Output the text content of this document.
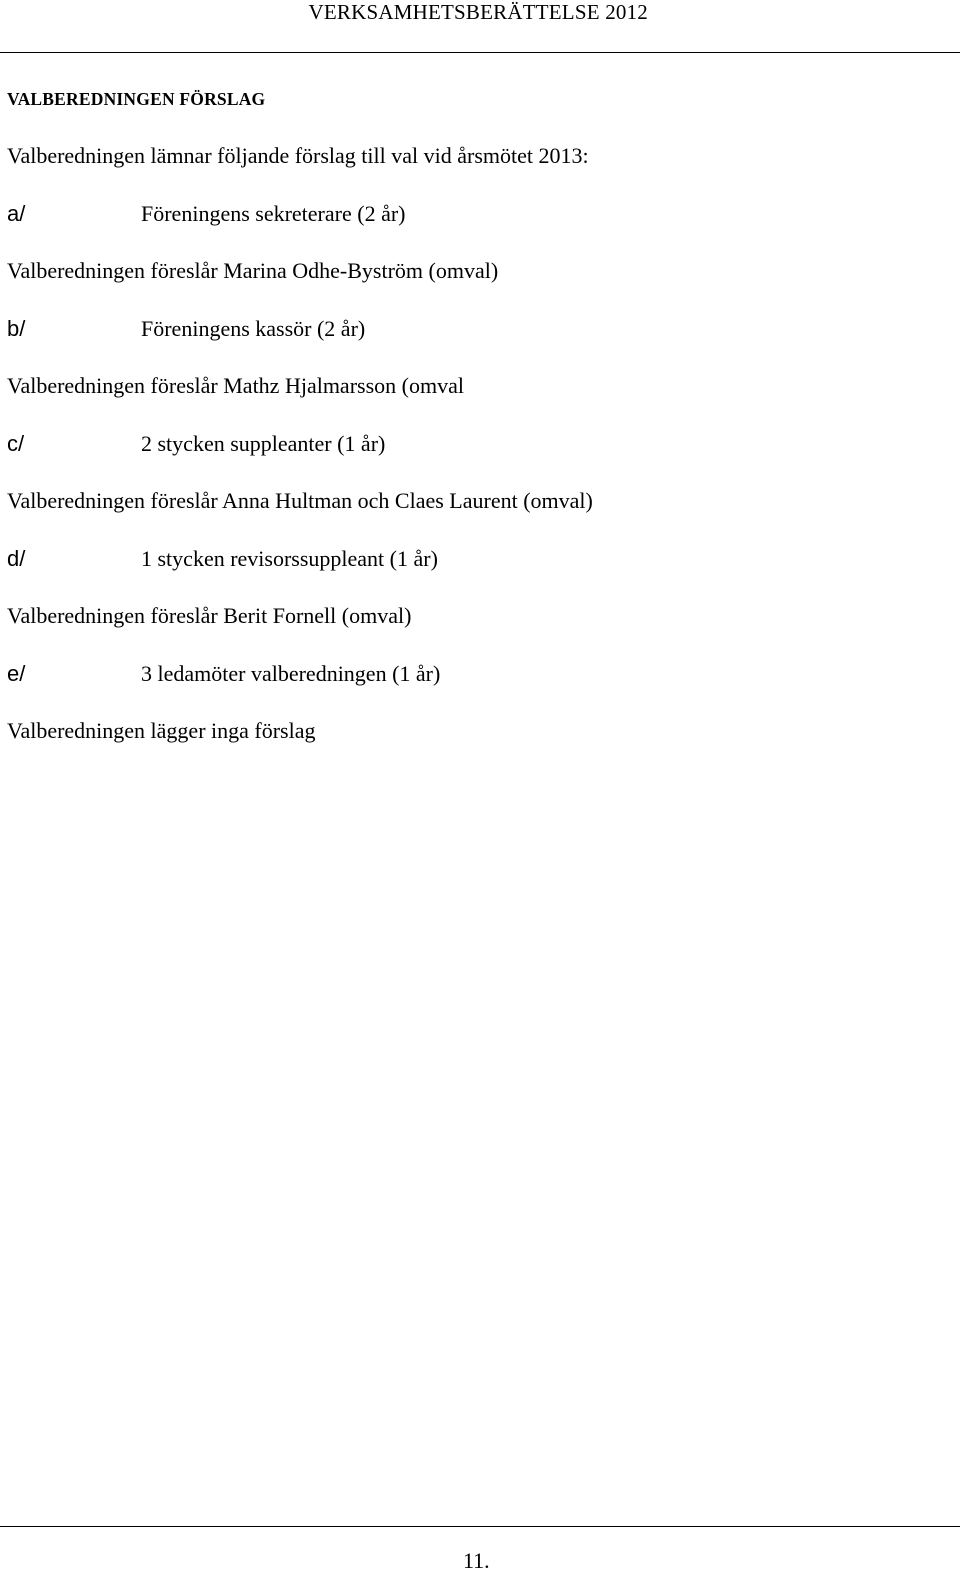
VERKSAMHETSBERÄTTELSE 2012
VALBEREDNINGEN FÖRSLAG
Valberedningen lämnar följande förslag till val vid årsmötet 2013:
a/	Föreningens sekreterare (2 år)
Valberedningen föreslår Marina Odhe-Byström (omval)
b/	Föreningens kassör (2 år)
Valberedningen föreslår Mathz Hjalmarsson (omval
c/	2 stycken suppleanter (1 år)
Valberedningen föreslår Anna Hultman och Claes Laurent (omval)
d/	1 stycken revisorssuppleant (1 år)
Valberedningen föreslår Berit Fornell (omval)
e/	3 ledamöter valberedningen (1 år)
Valberedningen lägger inga förslag
11.
